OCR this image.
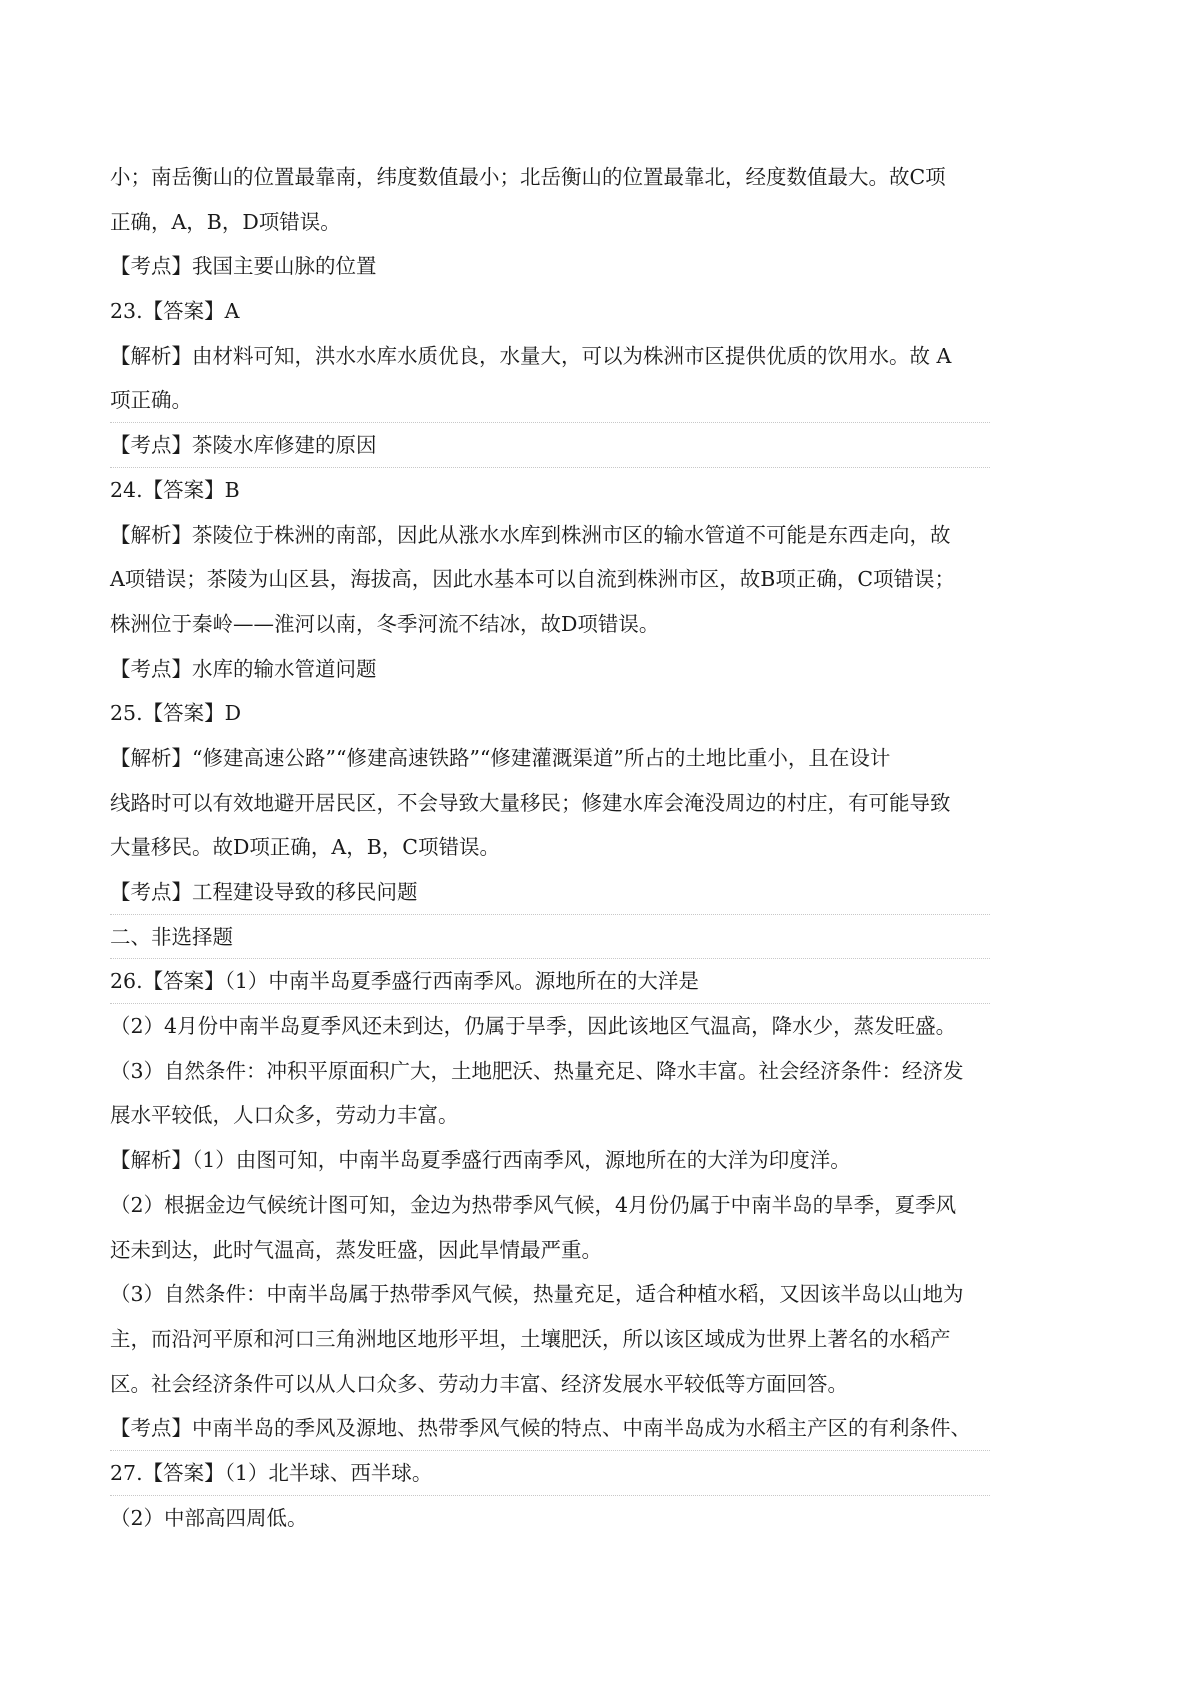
小；南岳衡山的位置最靠南，纬度数值最小；北岳衡山的位置最靠北，经度数值最大。故C项
正确，A，B，D项错误。
【考点】我国主要山脉的位置
23.【答案】A
【解析】由材料可知，洪水水库水质优良，水量大，可以为株洲市区提供优质的饮用水。故 A
项正确。
【考点】茶陵水库修建的原因
24.【答案】B
【解析】茶陵位于株洲的南部，因此从涨水水库到株洲市区的输水管道不可能是东西走向，故
A项错误；茶陵为山区县，海拔高，因此水基本可以自流到株洲市区，故B项正确，C项错误；
株洲位于秦岭——淮河以南，冬季河流不结冰，故D项错误。
【考点】水库的输水管道问题
25.【答案】D
【解析】“修建高速公路”“修建高速铁路”“修建灌溉渠道”所占的土地比重小，且在设计
线路时可以有效地避开居民区，不会导致大量移民；修建水库会淹没周边的村庄，有可能导致
大量移民。故D项正确，A，B，C项错误。
【考点】工程建设导致的移民问题
二、非选择题
26.【答案】（1）中南半岛夏季盛行西南季风。源地所在的大洋是
（2）4月份中南半岛夏季风还未到达，仍属于旱季，因此该地区气温高，降水少，蒸发旺盛。
（3）自然条件：冲积平原面积广大，土地肥沃、热量充足、降水丰富。社会经济条件：经济发
展水平较低，人口众多，劳动力丰富。
【解析】（1）由图可知，中南半岛夏季盛行西南季风，源地所在的大洋为印度洋。
（2）根据金边气候统计图可知，金边为热带季风气候，4月份仍属于中南半岛的旱季，夏季风
还未到达，此时气温高，蒸发旺盛，因此旱情最严重。
（3）自然条件：中南半岛属于热带季风气候，热量充足，适合种植水稻，又因该半岛以山地为
主，而沿河平原和河口三角洲地区地形平坦，土壤肥沃，所以该区域成为世界上著名的水稻产
区。社会经济条件可以从人口众多、劳动力丰富、经济发展水平较低等方面回答。
【考点】中南半岛的季风及源地、热带季风气候的特点、中南半岛成为水稻主产区的有利条件、
27.【答案】（1）北半球、西半球。
（2）中部高四周低。
